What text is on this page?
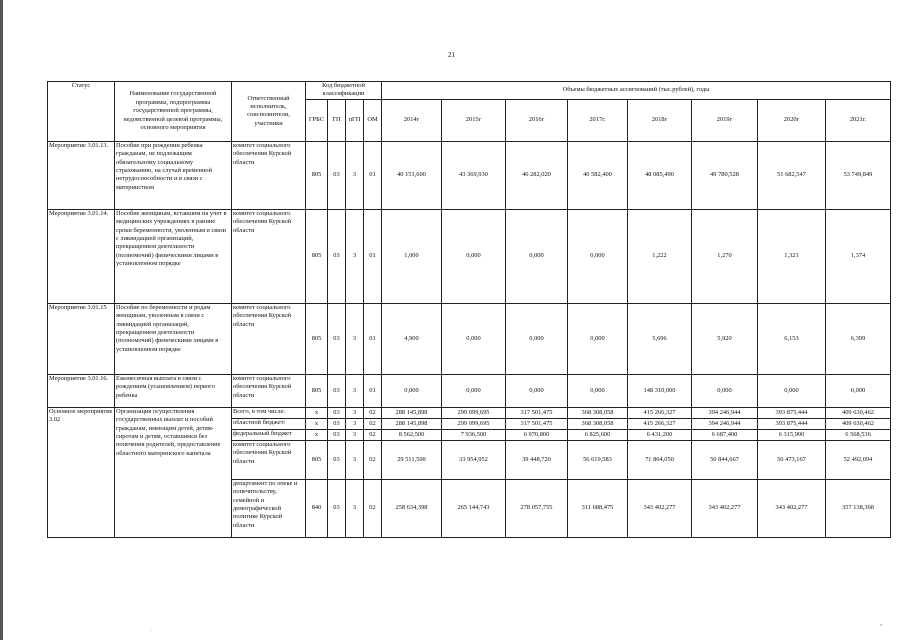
21
Статус	Наименование государственной программы, подпрограммы государственной программы, ведомственной целевой программы, основного мероприятия	Ответственный исполнитель, соисполнители, участники	Код бюджетной классификации				Объемы бюджетных ассигнований (тыс.рублей), годы							
			ГРБС	ГП	пГП	ОМ	2014г	2015г	2016г	2017г.	2018г	2019г	2020г	2021г.
Мероприятие 3.01.13.	Пособие при рождении ребенка гражданам, не подлежащим обязательному социальному страхованию, на случай временной нетрудоспособности и в связи с материнством	комитет социального обеспечения Курской области	805	03	3	01	40 151,600	43 369,930	46 282,020	40 582,400	48 085,490	49 780,528	51 682,547	53 749,849
Мероприятие 3.01.14.	Пособие женщинам, вставшим на учет в медицинских учреждениях в ранние сроки беременности, уволенным в связи с ликвидацией организаций, прекращением деятельности (полномочий) физическими лицами в установленном порядке	комитет социального обеспечения Курской области	805	03	3	01	1,000	0,000	0,000	0,000	1,222	1,270	1,321	1,374
Мероприятие 3.01.15	Пособие по беременности и родам женщинам, уволенным в связи с ликвидацией организаций, прекращением деятельности (полномочий) физическими лицами в установленном порядке	комитет социального обеспечения Курской области	805	03	3	01	4,900	0,000	0,000	0,000	5,696	5,920	6,153	6,399
Мероприятие 3.01.16.	Ежемесячная выплата в связи с рождением (усыновлением) первого ребенка	комитет социального обеспечения Курской области	805	03	3	01	0,000	0,000	0,000	0,000	148 310,000	0,000	0,000	0,000
Основное мероприятие 3.02	Организация осуществления государственных выплат и пособий гражданам, имеющим детей, детям-сиротам и детям, оставшимся без попечения родителей, предоставление областного материнского капитала	Всего, в том числе:	х	03	3	02	288 145,898	299 099,695	317 501,475	368 308,058	415 266,327	394 246,944	393 875,444	409 630,462
		областной бюджет/	х	03	3	02	288 145,898	299 099,695	317 501,475	368 308,058	415 266,327	394 246,944	393 875,444	409 630,462
		федеральный бюджет	х	03	3	02	8 562,500	7 936,500	6 970,800	6 825,600	6 431,200	6 687,400	6 315,900	6 568,536
		комитет социального обеспечения Курской области	805	03	3	02	29 511,500	33 954,952	39 448,720	56 619,583	71 864,050	50 844,667	50 473,167	52 492,094
		департамент по опеке и попечительству, семейной и демографической политике Курской области	840	03	3	02	258 634,398	265 144,743	278 057,755	311 688,475	343 402,277	343 402,277	343 402,277	357 138,368
·
°
